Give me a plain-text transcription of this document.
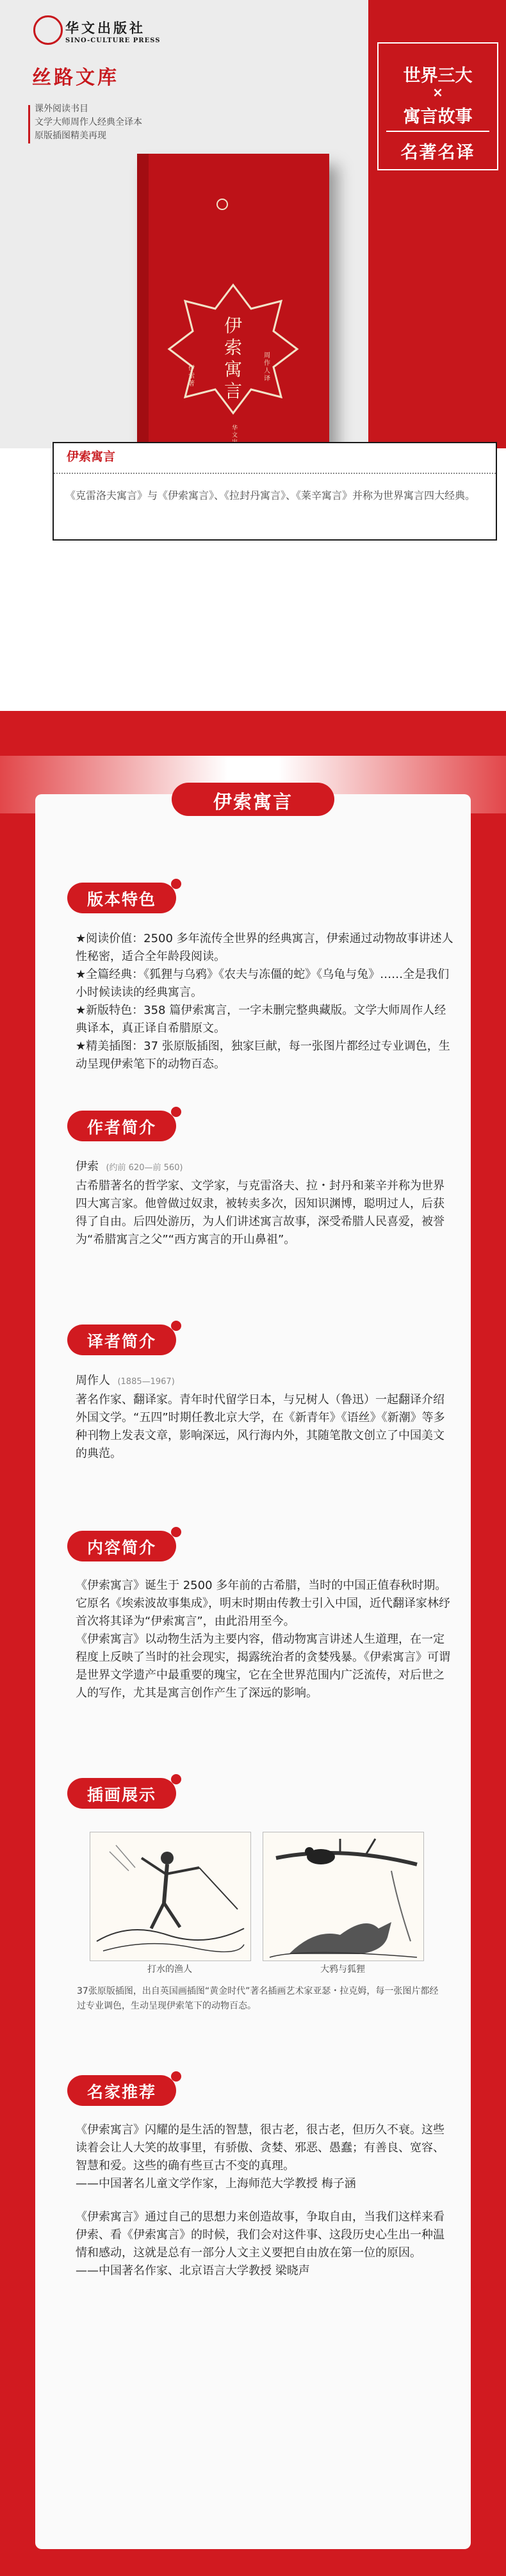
华文出版社
SINO-CULTURE PRESS
丝路文库
课外阅读书目
文学大师周作人经典全译本
原版插图精美再现
世界三大
×
寓言故事
名著名译
伊索寓言
伊索著
周作人译
华文
伊索寓言
《克雷洛夫寓言》与《伊索寓言》、《拉封丹寓言》、《莱辛寓言》并称为世界寓言四大经典。
伊索寓言
版本特色

★阅读价值：2500 多年流传全世界的经典寓言，伊索通过动物故事讲述人性秘密，适合全年龄段阅读。

★全篇经典：《狐狸与乌鸦》《农夫与冻僵的蛇》《乌龟与兔》……全是我们小时候读读的经典寓言。

★新版特色：358 篇伊索寓言，一字未删完整典藏版。文学大师周作人经典译本，真正译自希腊原文。

★精美插图：37 张原版插图，独家巨献，每一张图片都经过专业调色，生动呈现伊索笔下的动物百态。

作者简介

伊索 (约前 620—前 560)

古希腊著名的哲学家、文学家，与克雷洛夫、拉・封丹和莱辛并称为世界四大寓言家。他曾做过奴隶，被转卖多次，因知识渊博，聪明过人，后获得了自由。后四处游历，为人们讲述寓言故事，深受希腊人民喜爱，被誉为“希腊寓言之父”“西方寓言的开山鼻祖”。

译者简介

周作人 (1885—1967)

著名作家、翻译家。青年时代留学日本，与兄树人（鲁迅）一起翻译介绍外国文学。“五四”时期任教北京大学，在《新青年》《语丝》《新潮》等多种刊物上发表文章，影响深远，风行海内外，其随笔散文创立了中国美文的典范。

内容简介

《伊索寓言》诞生于 2500 多年前的古希腊，当时的中国正值春秋时期。它原名《埃索波故事集成》，明末时期由传教士引入中国，近代翻译家林纾首次将其译为“伊索寓言”，由此沿用至今。

《伊索寓言》以动物生活为主要内容，借动物寓言讲述人生道理，在一定程度上反映了当时的社会现实，揭露统治者的贪婪残暴。《伊索寓言》可谓是世界文学遗产中最重要的瑰宝，它在全世界范围内广泛流传，对后世之人的写作，尤其是寓言创作产生了深远的影响。

插画展示
打水的渔人	大鸦与狐狸
37张原版插图，出自英国画插图“黄金时代”著名插画艺术家亚瑟・拉克姆，每一张图片都经过专业调色，生动呈现伊索笔下的动物百态。
名家推荐

《伊索寓言》闪耀的是生活的智慧，很古老，很古老，但历久不衰。这些读着会让人大笑的故事里，有骄傲、贪婪、邪恶、愚蠢；有善良、宽容、智慧和爱。这些的确有些亘古不变的真理。

——中国著名儿童文学作家，上海师范大学教授 梅子涵

《伊索寓言》通过自己的思想力来创造故事，争取自由，当我们这样来看伊索、看《伊索寓言》的时候，我们会对这件事、这段历史心生出一种温情和感动，这就是总有一部分人文主义要把自由放在第一位的原因。

——中国著名作家、北京语言大学教授 梁晓声
